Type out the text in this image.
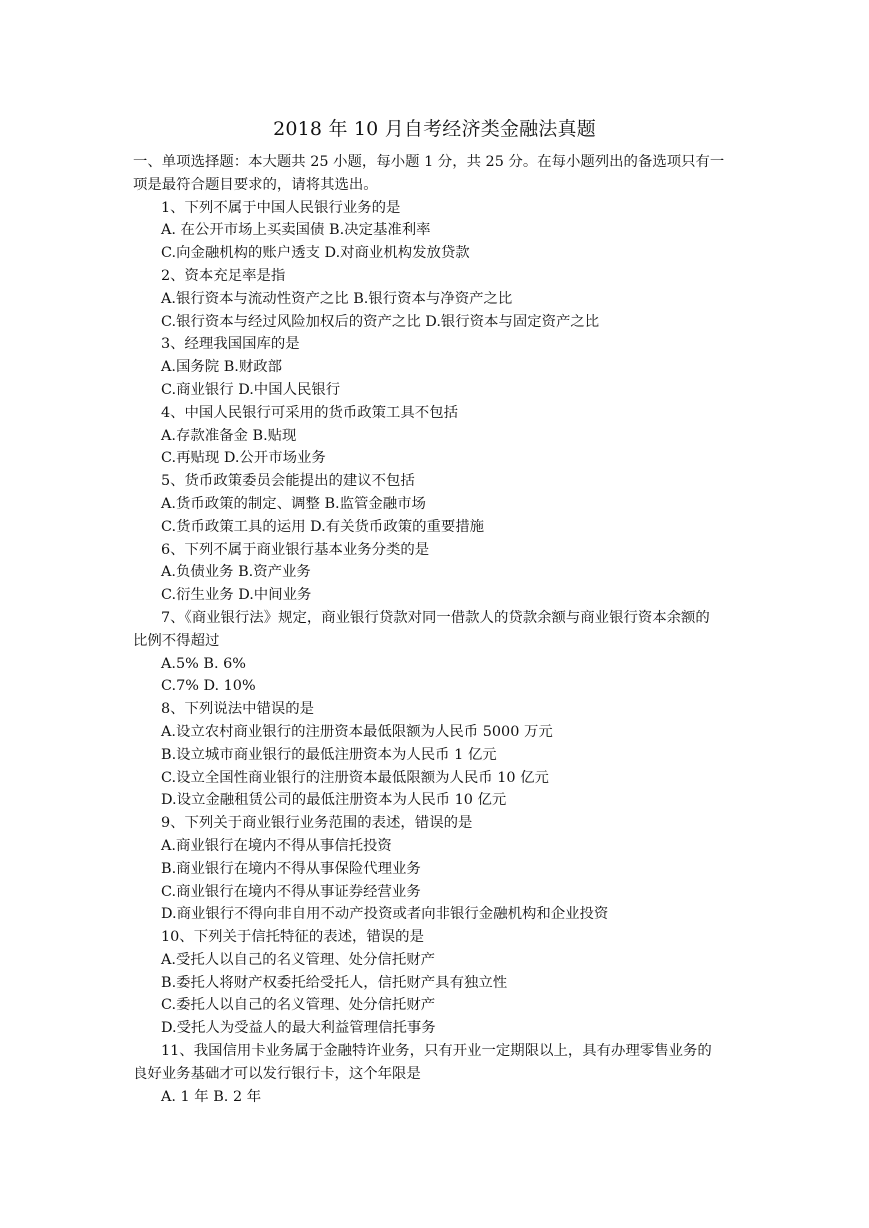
2018 年 10 月自考经济类金融法真题
一、单项选择题：本大题共 25 小题，每小题 1 分，共 25 分。在每小题列出的备选项只有一
项是最符合题目要求的，请将其选出。
1、下列不属于中国人民银行业务的是
A. 在公开市场上买卖国债 B.决定基准利率
C.向金融机构的账户透支 D.对商业机构发放贷款
2、资本充足率是指
A.银行资本与流动性资产之比 B.银行资本与净资产之比
C.银行资本与经过风险加权后的资产之比 D.银行资本与固定资产之比
3、经理我国国库的是
A.国务院 B.财政部
C.商业银行 D.中国人民银行
4、中国人民银行可采用的货币政策工具不包括
A.存款准备金 B.贴现
C.再贴现 D.公开市场业务
5、货币政策委员会能提出的建议不包括
A.货币政策的制定、调整 B.监管金融市场
C.货币政策工具的运用 D.有关货币政策的重要措施
6、下列不属于商业银行基本业务分类的是
A.负债业务 B.资产业务
C.衍生业务 D.中间业务
7、《商业银行法》规定，商业银行贷款对同一借款人的贷款余额与商业银行资本余额的
比例不得超过
A.5% B. 6%
C.7% D. 10%
8、下列说法中错误的是
A.设立农村商业银行的注册资本最低限额为人民币 5000 万元
B.设立城市商业银行的最低注册资本为人民币 1 亿元
C.设立全国性商业银行的注册资本最低限额为人民币 10 亿元
D.设立金融租赁公司的最低注册资本为人民币 10 亿元
9、下列关于商业银行业务范围的表述，错误的是
A.商业银行在境内不得从事信托投资
B.商业银行在境内不得从事保险代理业务
C.商业银行在境内不得从事证券经营业务
D.商业银行不得向非自用不动产投资或者向非银行金融机构和企业投资
10、下列关于信托特征的表述，错误的是
A.受托人以自己的名义管理、处分信托财产
B.委托人将财产权委托给受托人，信托财产具有独立性
C.委托人以自己的名义管理、处分信托财产
D.受托人为受益人的最大利益管理信托事务
11、我国信用卡业务属于金融特许业务，只有开业一定期限以上，具有办理零售业务的
良好业务基础才可以发行银行卡，这个年限是
A. 1 年 B. 2 年
